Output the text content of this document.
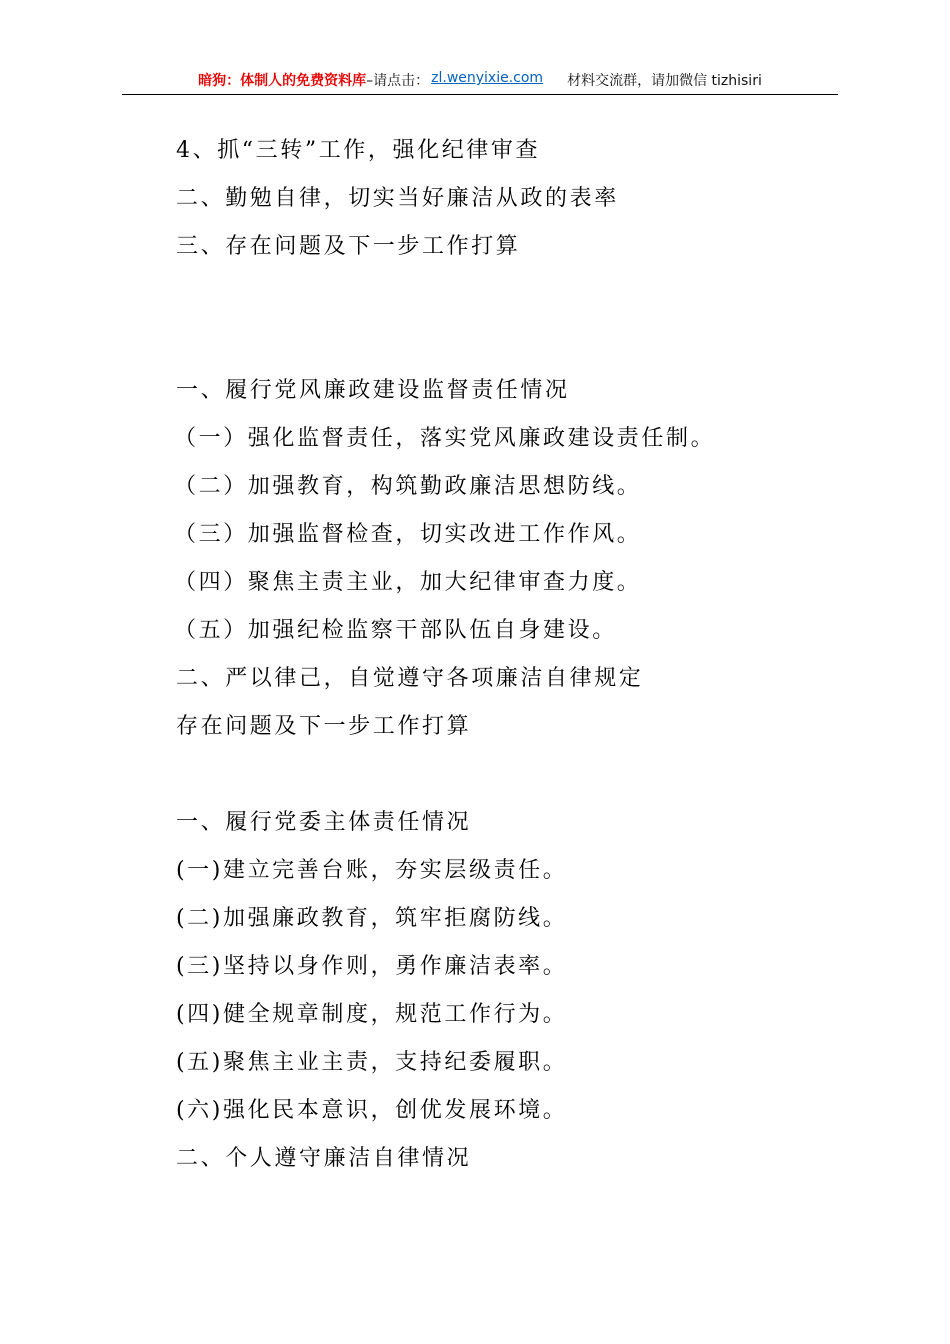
暗狗：体制人的免费资料库 –请点击： zl.wenyixie.com 材料交流群，请加微信 tizhisiri
4、抓“三转”工作，强化纪律审查
二、勤勉自律，切实当好廉洁从政的表率
三、存在问题及下一步工作打算
一、履行党风廉政建设监督责任情况
（一）强化监督责任，落实党风廉政建设责任制。
（二）加强教育，构筑勤政廉洁思想防线。
（三）加强监督检查，切实改进工作作风。
（四）聚焦主责主业，加大纪律审查力度。
（五）加强纪检监察干部队伍自身建设。
二、严以律己，自觉遵守各项廉洁自律规定
存在问题及下一步工作打算
一、履行党委主体责任情况
(一)建立完善台账，夯实层级责任。
(二)加强廉政教育，筑牢拒腐防线。
(三)坚持以身作则，勇作廉洁表率。
(四)健全规章制度，规范工作行为。
(五)聚焦主业主责，支持纪委履职。
(六)强化民本意识，创优发展环境。
二、个人遵守廉洁自律情况
